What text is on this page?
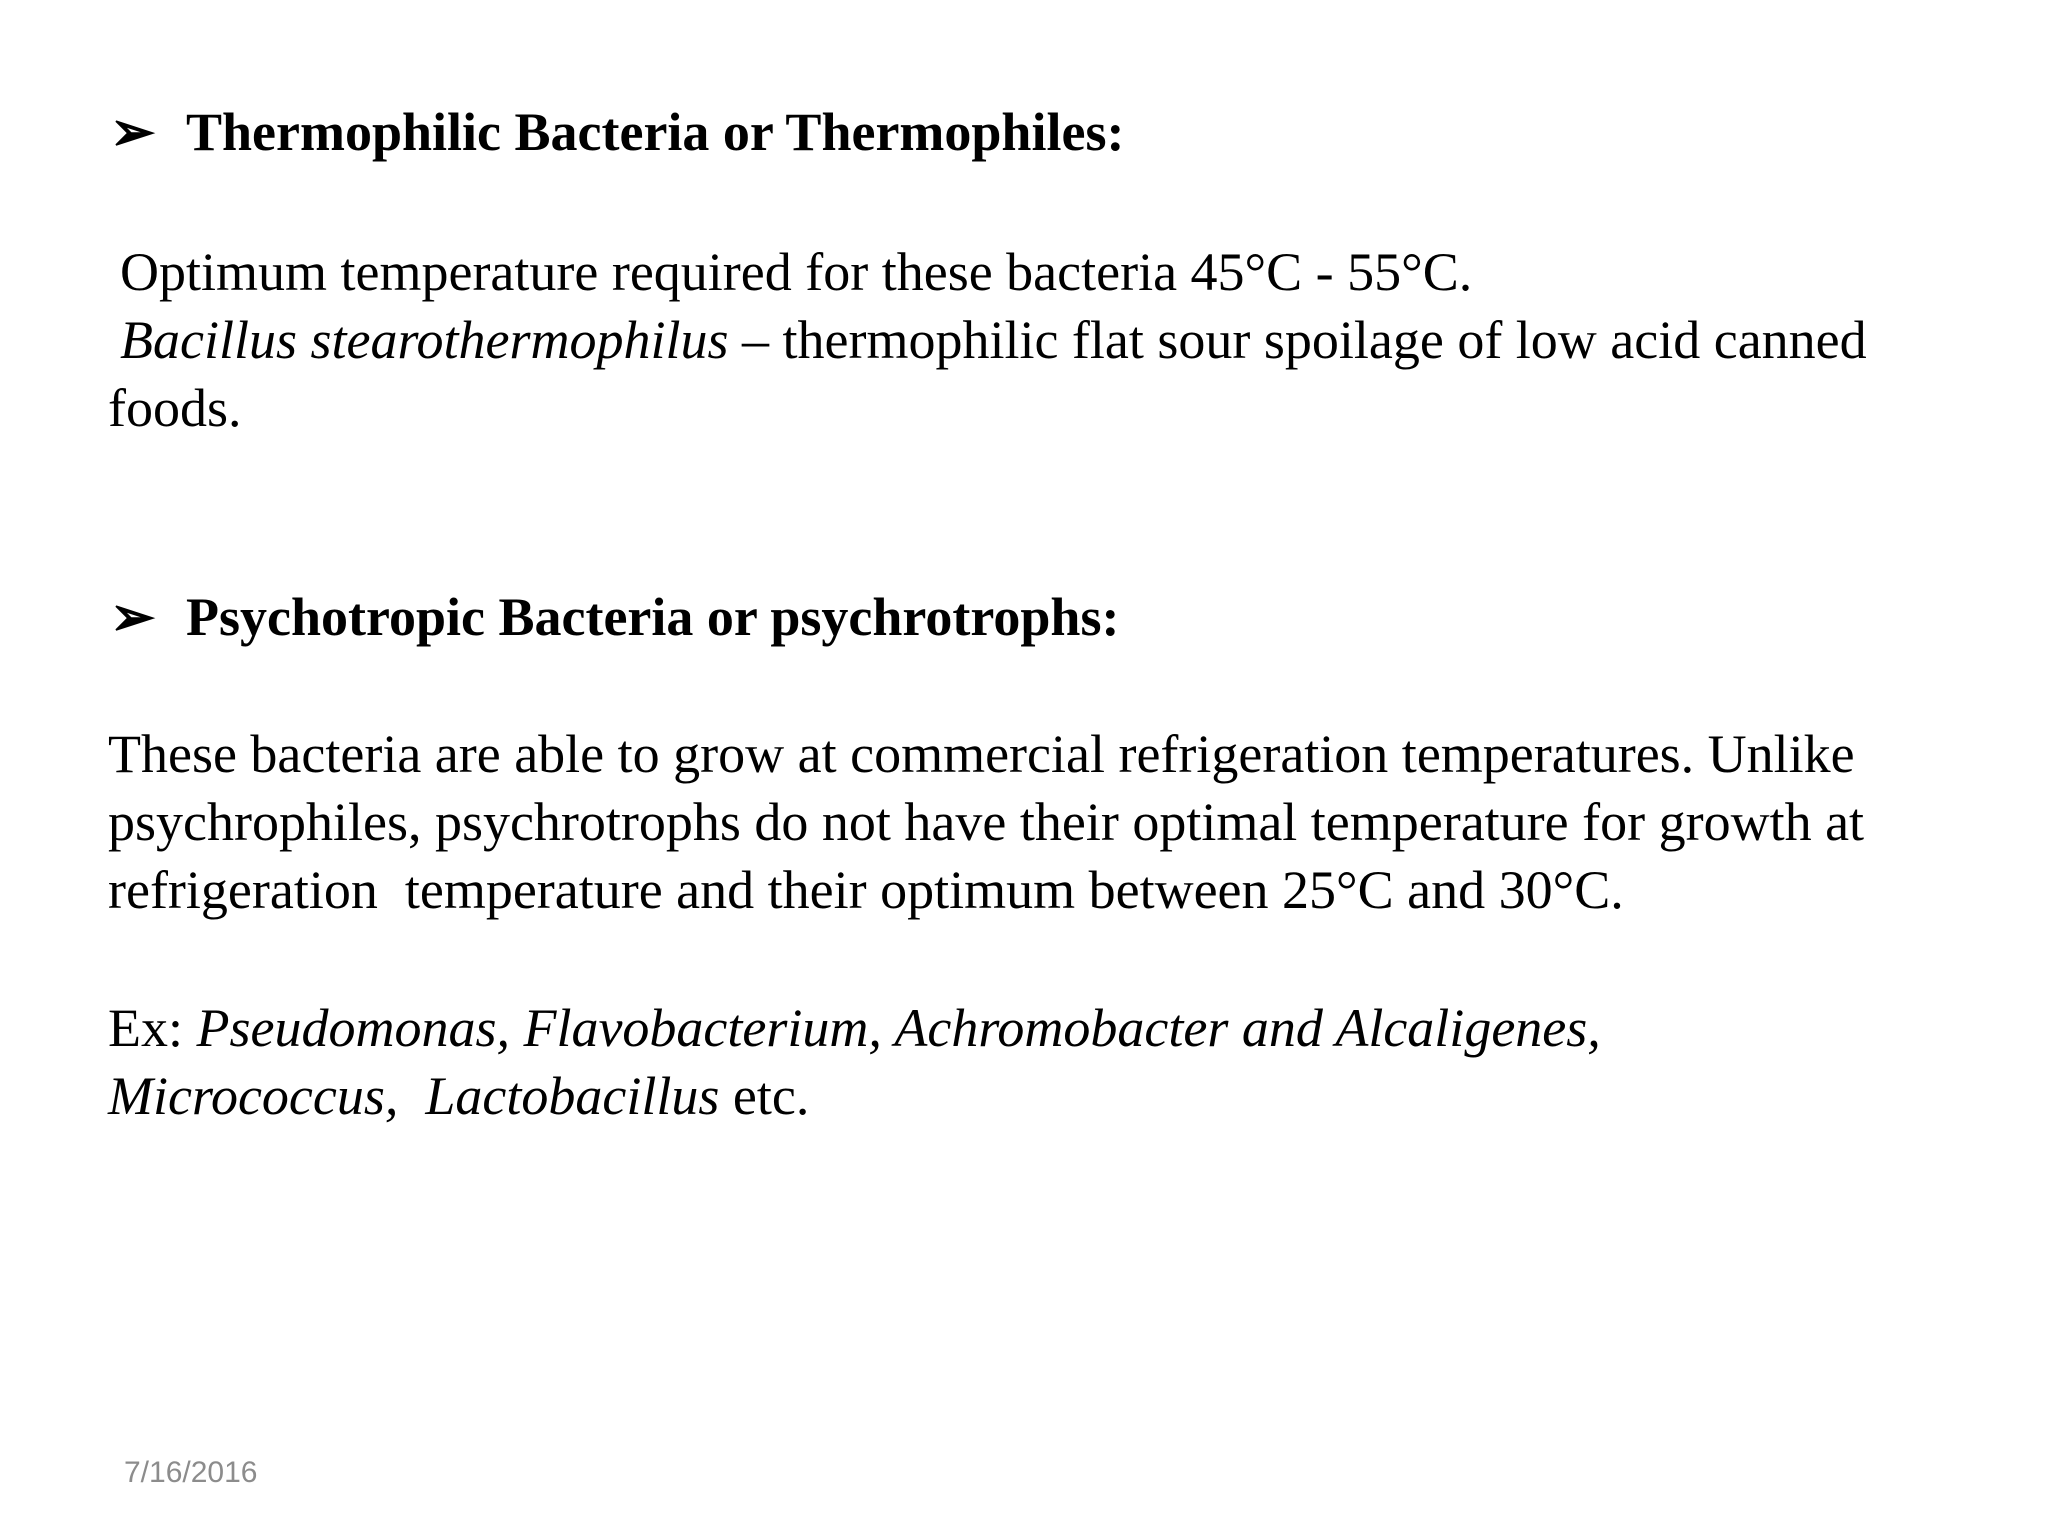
➢ Thermophilic Bacteria or Thermophiles:
Optimum temperature required for these bacteria 45°C - 55°C.
Bacillus stearothermophilus – thermophilic flat sour spoilage of low acid canned
foods.
➢ Psychotropic Bacteria or psychrotrophs:
These bacteria are able to grow at commercial refrigeration temperatures. Unlike
psychrophiles, psychrotrophs do not have their optimal temperature for growth at
refrigeration  temperature and their optimum between 25°C and 30°C.
Ex: Pseudomonas, Flavobacterium, Achromobacter and Alcaligenes,
Micrococcus,  Lactobacillus etc.
7/16/2016
